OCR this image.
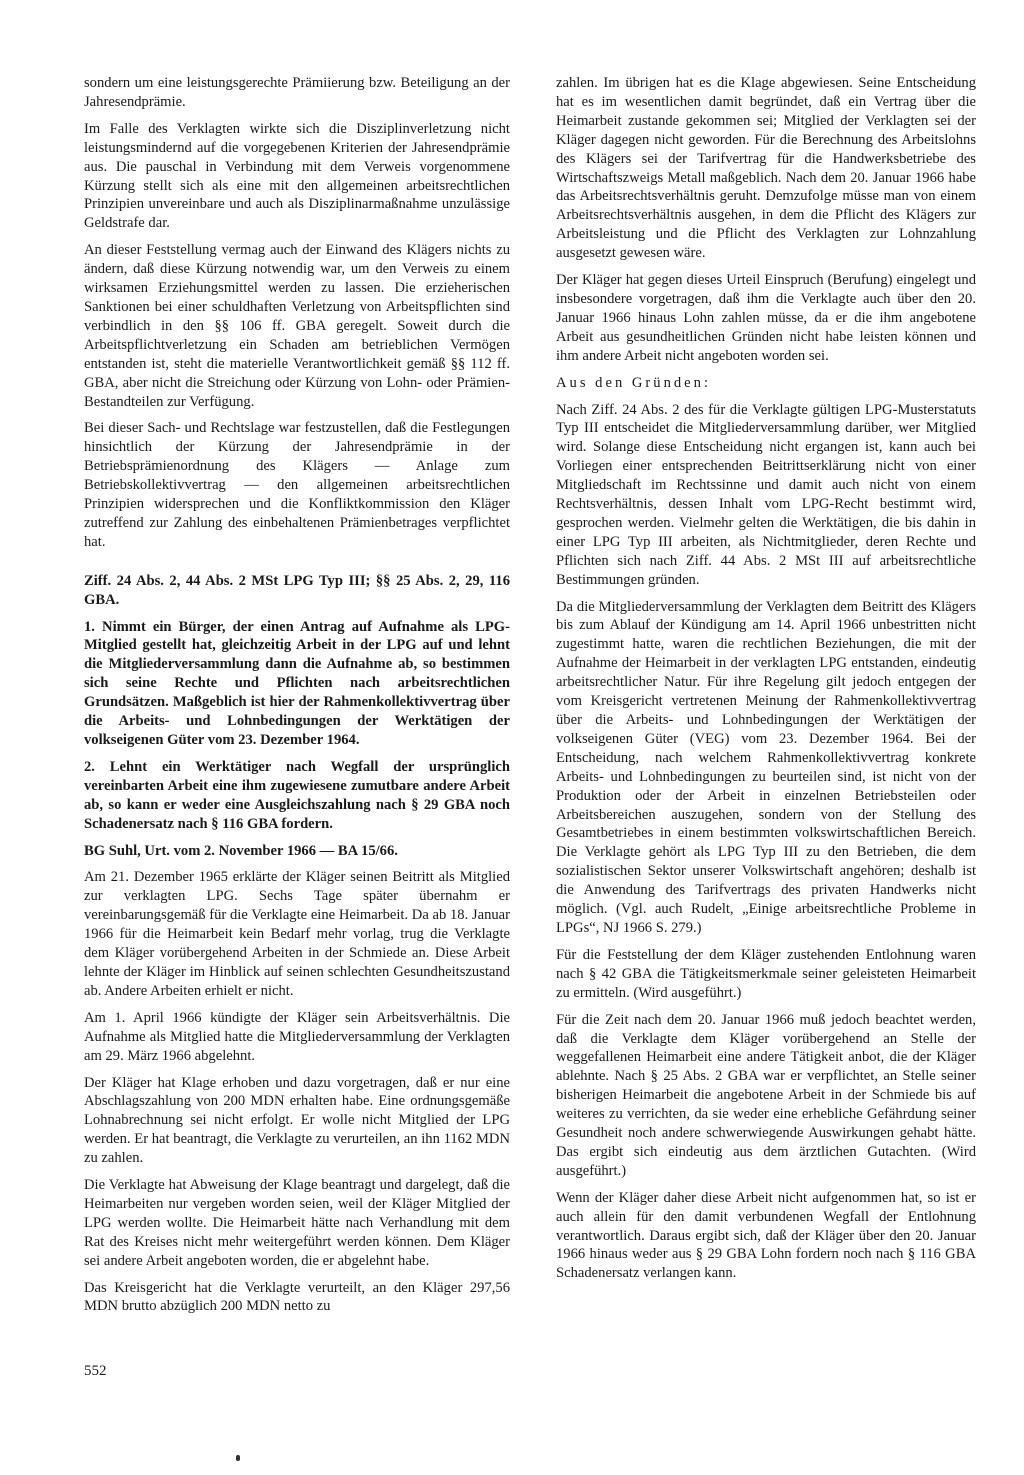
sondern um eine leistungsgerechte Prämiierung bzw. Beteiligung an der Jahresendprämie.

Im Falle des Verklagten wirkte sich die Disziplinverletzung nicht leistungsmindernd auf die vorgegebenen Kriterien der Jahresendprämie aus. Die pauschal in Verbindung mit dem Verweis vorgenommene Kürzung stellt sich als eine mit den allgemeinen arbeitsrechtlichen Prinzipien unvereinbare und auch als Disziplinarmaßnahme unzulässige Geldstrafe dar.

An dieser Feststellung vermag auch der Einwand des Klägers nichts zu ändern, daß diese Kürzung notwendig war, um den Verweis zu einem wirksamen Erziehungsmittel werden zu lassen. Die erzieherischen Sanktionen bei einer schuldhaften Verletzung von Arbeitspflichten sind verbindlich in den §§ 106 ff. GBA geregelt. Soweit durch die Arbeitspflichtverletzung ein Schaden am betrieblichen Vermögen entstanden ist, steht die materielle Verantwortlichkeit gemäß §§ 112 ff. GBA, aber nicht die Streichung oder Kürzung von Lohn- oder Prämien-Bestandteilen zur Verfügung.

Bei dieser Sach- und Rechtslage war festzustellen, daß die Festlegungen hinsichtlich der Kürzung der Jahresendprämie in der Betriebsprämienordnung des Klägers — Anlage zum Betriebskollektivvertrag — den allgemeinen arbeitsrechtlichen Prinzipien widersprechen und die Konfliktkommission den Kläger zutreffend zur Zahlung des einbehaltenen Prämienbetrages verpflichtet hat.

Ziff. 24 Abs. 2, 44 Abs. 2 MSt LPG Typ III; §§ 25 Abs. 2, 29, 116 GBA.

1. Nimmt ein Bürger, der einen Antrag auf Aufnahme als LPG-Mitglied gestellt hat, gleichzeitig Arbeit in der LPG auf und lehnt die Mitgliederversammlung dann die Aufnahme ab, so bestimmen sich seine Rechte und Pflichten nach arbeitsrechtlichen Grundsätzen. Maßgeblich ist hier der Rahmenkollektivvertrag über die Arbeits- und Lohnbedingungen der Werktätigen der volkseigenen Güter vom 23. Dezember 1964.

2. Lehnt ein Werktätiger nach Wegfall der ursprünglich vereinbarten Arbeit eine ihm zugewiesene zumutbare andere Arbeit ab, so kann er weder eine Ausgleichszahlung nach § 29 GBA noch Schadenersatz nach § 116 GBA fordern.

BG Suhl, Urt. vom 2. November 1966 — BA 15/66.

Am 21. Dezember 1965 erklärte der Kläger seinen Beitritt als Mitglied zur verklagten LPG. Sechs Tage später übernahm er vereinbarungsgemäß für die Verklagte eine Heimarbeit. Da ab 18. Januar 1966 für die Heimarbeit kein Bedarf mehr vorlag, trug die Verklagte dem Kläger vorübergehend Arbeiten in der Schmiede an. Diese Arbeit lehnte der Kläger im Hinblick auf seinen schlechten Gesundheitszustand ab. Andere Arbeiten erhielt er nicht.

Am 1. April 1966 kündigte der Kläger sein Arbeitsverhältnis. Die Aufnahme als Mitglied hatte die Mitgliederversammlung der Verklagten am 29. März 1966 abgelehnt.

Der Kläger hat Klage erhoben und dazu vorgetragen, daß er nur eine Abschlagszahlung von 200 MDN erhalten habe. Eine ordnungsgemäße Lohnabrechnung sei nicht erfolgt. Er wolle nicht Mitglied der LPG werden. Er hat beantragt, die Verklagte zu verurteilen, an ihn 1162 MDN zu zahlen.

Die Verklagte hat Abweisung der Klage beantragt und dargelegt, daß die Heimarbeiten nur vergeben worden seien, weil der Kläger Mitglied der LPG werden wollte. Die Heimarbeit hätte nach Verhandlung mit dem Rat des Kreises nicht mehr weitergeführt werden können. Dem Kläger sei andere Arbeit angeboten worden, die er abgelehnt habe.

Das Kreisgericht hat die Verklagte verurteilt, an den Kläger 297,56 MDN brutto abzüglich 200 MDN netto zu

zahlen. Im übrigen hat es die Klage abgewiesen. Seine Entscheidung hat es im wesentlichen damit begründet, daß ein Vertrag über die Heimarbeit zustande gekommen sei; Mitglied der Verklagten sei der Kläger dagegen nicht geworden. Für die Berechnung des Arbeitslohns des Klägers sei der Tarifvertrag für die Handwerksbetriebe des Wirtschaftszweigs Metall maßgeblich. Nach dem 20. Januar 1966 habe das Arbeitsrechtsverhältnis geruht. Demzufolge müsse man von einem Arbeitsrechtsverhältnis ausgehen, in dem die Pflicht des Klägers zur Arbeitsleistung und die Pflicht des Verklagten zur Lohnzahlung ausgesetzt gewesen wäre.

Der Kläger hat gegen dieses Urteil Einspruch (Berufung) eingelegt und insbesondere vorgetragen, daß ihm die Verklagte auch über den 20. Januar 1966 hinaus Lohn zahlen müsse, da er die ihm angebotene Arbeit aus gesundheitlichen Gründen nicht habe leisten können und ihm andere Arbeit nicht angeboten worden sei.

Aus den Gründen:

Nach Ziff. 24 Abs. 2 des für die Verklagte gültigen LPG-Musterstatuts Typ III entscheidet die Mitgliederversammlung darüber, wer Mitglied wird. Solange diese Entscheidung nicht ergangen ist, kann auch bei Vorliegen einer entsprechenden Beitrittserklärung nicht von einer Mitgliedschaft im Rechtssinne und damit auch nicht von einem Rechtsverhältnis, dessen Inhalt vom LPG-Recht bestimmt wird, gesprochen werden. Vielmehr gelten die Werktätigen, die bis dahin in einer LPG Typ III arbeiten, als Nichtmitglieder, deren Rechte und Pflichten sich nach Ziff. 44 Abs. 2 MSt III auf arbeitsrechtliche Bestimmungen gründen.

Da die Mitgliederversammlung der Verklagten dem Beitritt des Klägers bis zum Ablauf der Kündigung am 14. April 1966 unbestritten nicht zugestimmt hatte, waren die rechtlichen Beziehungen, die mit der Aufnahme der Heimarbeit in der verklagten LPG entstanden, eindeutig arbeitsrechtlicher Natur. Für ihre Regelung gilt jedoch entgegen der vom Kreisgericht vertretenen Meinung der Rahmenkollektivvertrag über die Arbeits- und Lohnbedingungen der Werktätigen der volkseigenen Güter (VEG) vom 23. Dezember 1964. Bei der Entscheidung, nach welchem Rahmenkollektivvertrag konkrete Arbeits- und Lohnbedingungen zu beurteilen sind, ist nicht von der Produktion oder der Arbeit in einzelnen Betriebsteilen oder Arbeitsbereichen auszugehen, sondern von der Stellung des Gesamtbetriebes in einem bestimmten volkswirtschaftlichen Bereich. Die Verklagte gehört als LPG Typ III zu den Betrieben, die dem sozialistischen Sektor unserer Volkswirtschaft angehören; deshalb ist die Anwendung des Tarifvertrags des privaten Handwerks nicht möglich. (Vgl. auch Rudelt, „Einige arbeitsrechtliche Probleme in LPGs“, NJ 1966 S. 279.)

Für die Feststellung der dem Kläger zustehenden Entlohnung waren nach § 42 GBA die Tätigkeitsmerkmale seiner geleisteten Heimarbeit zu ermitteln. (Wird ausgeführt.)

Für die Zeit nach dem 20. Januar 1966 muß jedoch beachtet werden, daß die Verklagte dem Kläger vorübergehend an Stelle der weggefallenen Heimarbeit eine andere Tätigkeit anbot, die der Kläger ablehnte. Nach § 25 Abs. 2 GBA war er verpflichtet, an Stelle seiner bisherigen Heimarbeit die angebotene Arbeit in der Schmiede bis auf weiteres zu verrichten, da sie weder eine erhebliche Gefährdung seiner Gesundheit noch andere schwerwiegende Auswirkungen gehabt hätte. Das ergibt sich eindeutig aus dem ärztlichen Gutachten. (Wird ausgeführt.)

Wenn der Kläger daher diese Arbeit nicht aufgenommen hat, so ist er auch allein für den damit verbundenen Wegfall der Entlohnung verantwortlich. Daraus ergibt sich, daß der Kläger über den 20. Januar 1966 hinaus weder aus § 29 GBA Lohn fordern noch nach § 116 GBA Schadenersatz verlangen kann.

552
